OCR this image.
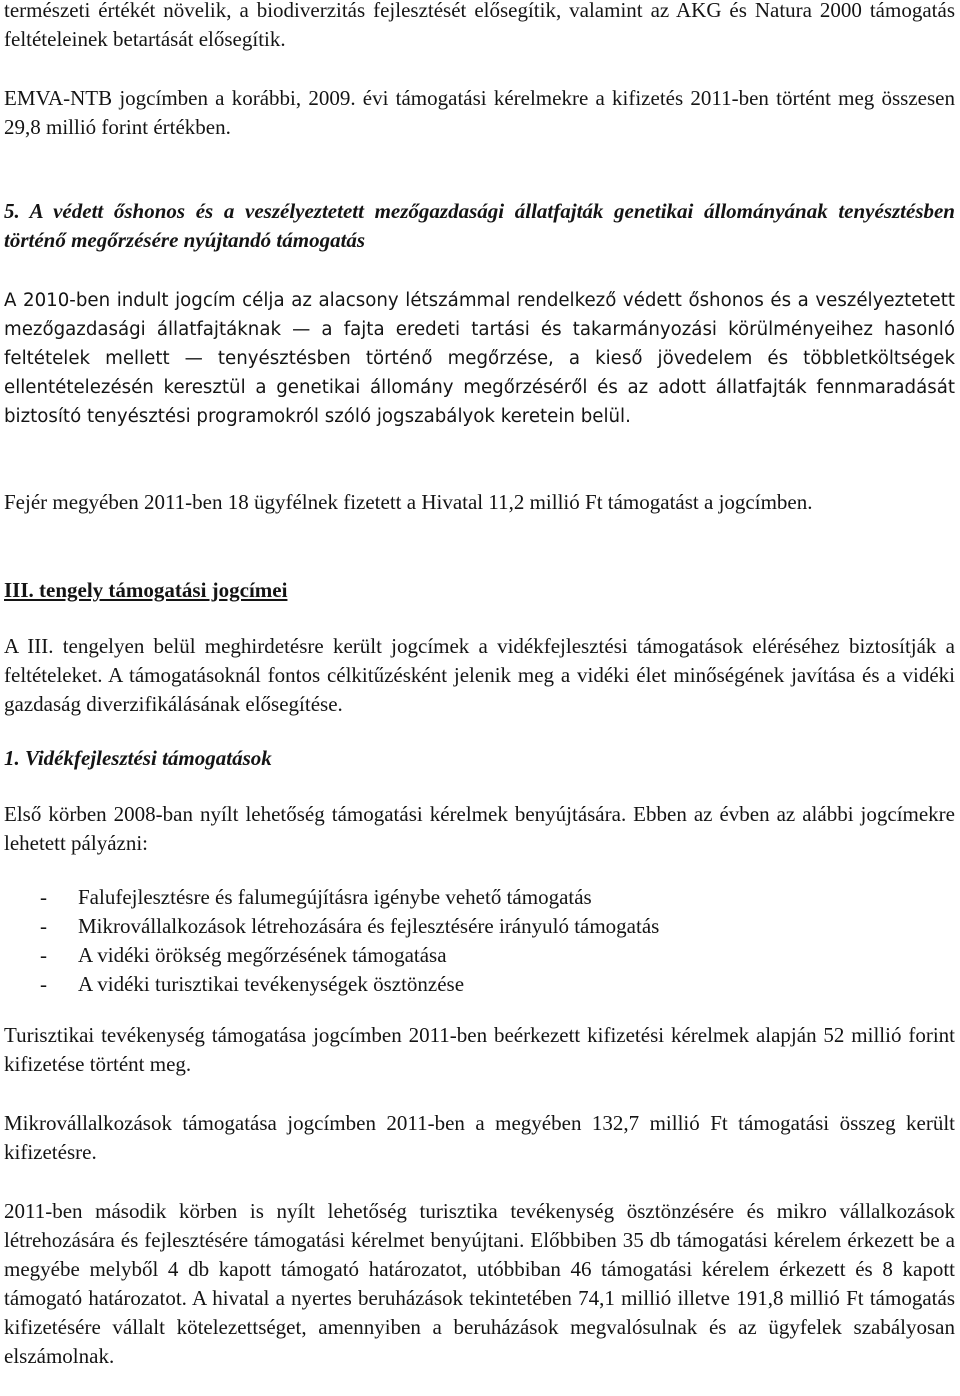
természeti értékét növelik, a biodiverzitás fejlesztését elősegítik, valamint az AKG és Natura 2000 támogatás feltételeinek betartását elősegítik.

EMVA-NTB jogcímben a korábbi, 2009. évi támogatási kérelmekre a kifizetés 2011-ben történt meg összesen 29,8 millió forint értékben.

5. A védett őshonos és a veszélyeztetett mezőgazdasági állatfajták genetikai állományának tenyésztésben történő megőrzésére nyújtandó támogatás

A 2010-ben indult jogcím célja az alacsony létszámmal rendelkező védett őshonos és a veszélyeztetett mezőgazdasági állatfajtáknak — a fajta eredeti tartási és takarmányozási körülményeihez hasonló feltételek mellett — tenyésztésben történő megőrzése, a kieső jövedelem és többletköltségek ellentételezésén keresztül a genetikai állomány megőrzéséről és az adott állatfajták fennmaradását biztosító tenyésztési programokról szóló jogszabályok keretein belül.

Fejér megyében 2011-ben 18 ügyfélnek fizetett a Hivatal 11,2 millió Ft támogatást a jogcímben.

III. tengely támogatási jogcímei

A III. tengelyen belül meghirdetésre került jogcímek a vidékfejlesztési támogatások eléréséhez biztosítják a feltételeket. A támogatásoknál fontos célkitűzésként jelenik meg a vidéki élet minőségének javítása és a vidéki gazdaság diverzifikálásának elősegítése.

1. Vidékfejlesztési támogatások

Első körben 2008-ban nyílt lehetőség támogatási kérelmek benyújtására. Ebben az évben az alábbi jogcímekre lehetett pályázni:

- Falufejlesztésre és falumegújításra igénybe vehető támogatás
- Mikrovállalkozások létrehozására és fejlesztésére irányuló támogatás
- A vidéki örökség megőrzésének támogatása
- A vidéki turisztikai tevékenységek ösztönzése

Turisztikai tevékenység támogatása jogcímben 2011-ben beérkezett kifizetési kérelmek alapján 52 millió forint kifizetése történt meg.

Mikrovállalkozások támogatása jogcímben 2011-ben a megyében 132,7 millió Ft támogatási összeg került kifizetésre.

2011-ben második körben is nyílt lehetőség turisztika tevékenység ösztönzésére és mikro vállalkozások létrehozására és fejlesztésére támogatási kérelmet benyújtani. Előbbiben 35 db támogatási kérelem érkezett be a megyébe melyből 4 db kapott támogató határozatot, utóbbiban 46 támogatási kérelem érkezett és 8 kapott támogató határozatot. A hivatal a nyertes beruházások tekintetében 74,1 millió illetve 191,8 millió Ft támogatás kifizetésére vállalt kötelezettséget, amennyiben a beruházások megvalósulnak és az ügyfelek szabályosan elszámolnak.
